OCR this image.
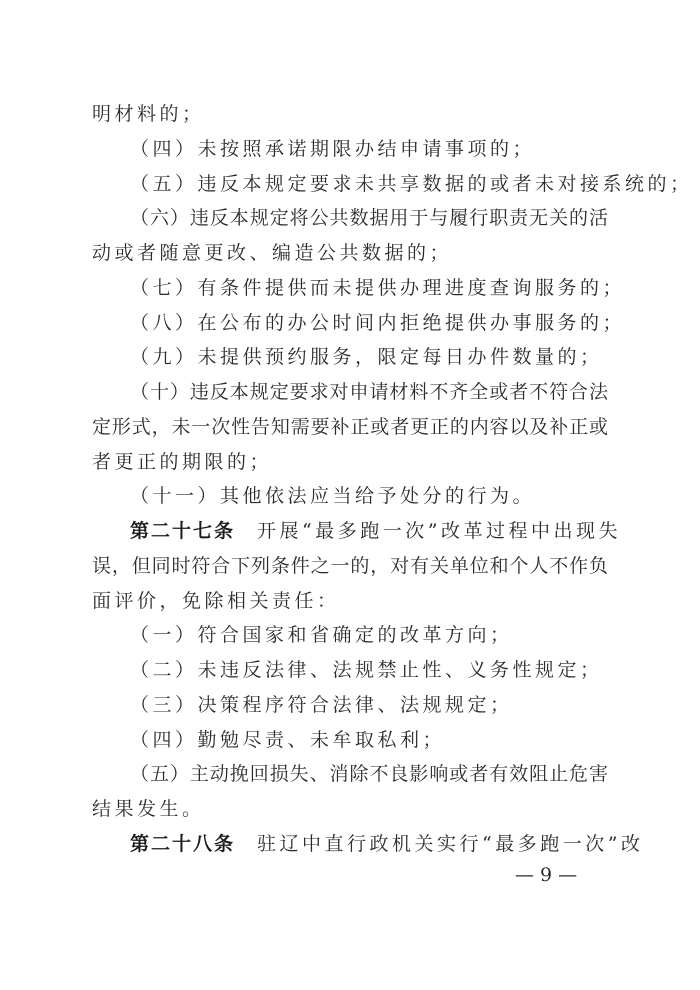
明材料的；
（四）未按照承诺期限办结申请事项的；
（五）违反本规定要求未共享数据的或者未对接系统的；
（六）违反本规定将公共数据用于与履行职责无关的活
动或者随意更改、编造公共数据的；
（七）有条件提供而未提供办理进度查询服务的；
（八）在公布的办公时间内拒绝提供办事服务的；
（九）未提供预约服务，限定每日办件数量的；
（十）违反本规定要求对申请材料不齐全或者不符合法
定形式，未一次性告知需要补正或者更正的内容以及补正或
者更正的期限的；
（十一）其他依法应当给予处分的行为。
第二十七条 开展“最多跑一次”改革过程中出现失
误，但同时符合下列条件之一的，对有关单位和个人不作负
面评价，免除相关责任：
（一）符合国家和省确定的改革方向；
（二）未违反法律、法规禁止性、义务性规定；
（三）决策程序符合法律、法规规定；
（四）勤勉尽责、未牟取私利；
（五）主动挽回损失、消除不良影响或者有效阻止危害
结果发生。
第二十八条 驻辽中直行政机关实行“最多跑一次”改
— 9 —
